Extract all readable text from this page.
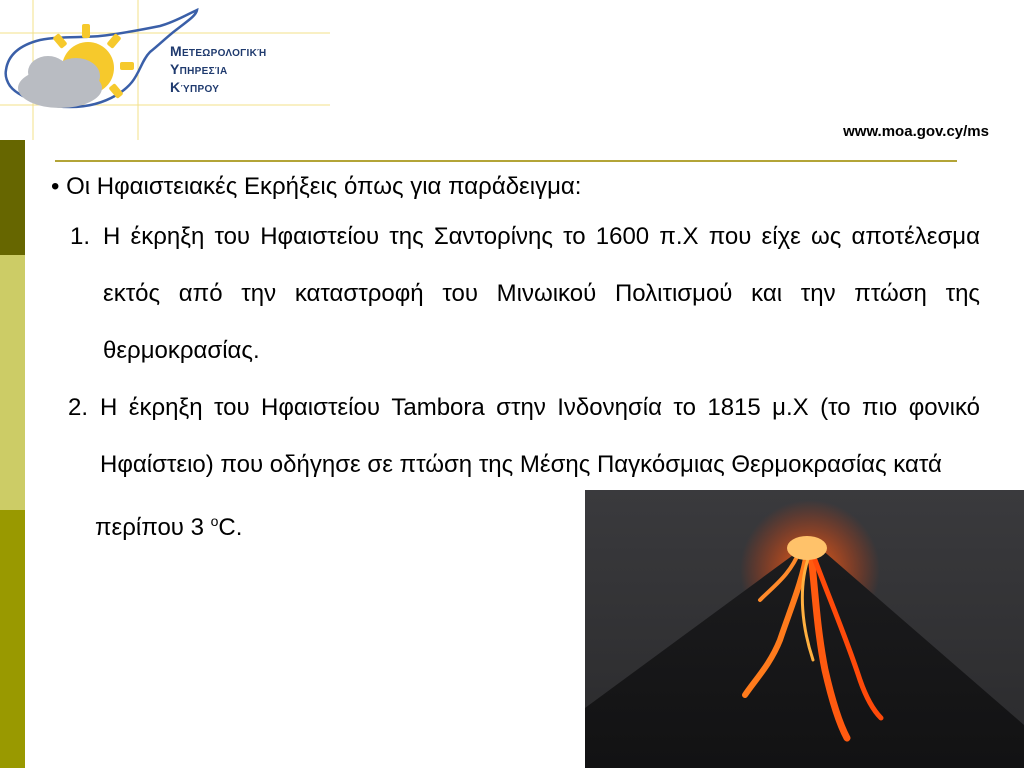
Μετεωρολογική
Υπηρεσία
Κύπρου
www.moa.gov.cy/ms
• Οι Ηφαιστειακές Εκρήξεις όπως για παράδειγμα:
1. Η έκρηξη του Ηφαιστείου της Σαντορίνης το 1600 π.Χ που είχε ως αποτέλεσμα εκτός από την καταστροφή του Μινωικού Πολιτισμού και την πτώση της θερμοκρασίας.
2. Η έκρηξη του Ηφαιστείου Tambora στην Ινδονησία το 1815 μ.Χ (το πιο φονικό Ηφαίστειο) που οδήγησε σε πτώση της Μέσης Παγκόσμιας Θερμοκρασίας κατά
περίπου 3 $^o$C.
